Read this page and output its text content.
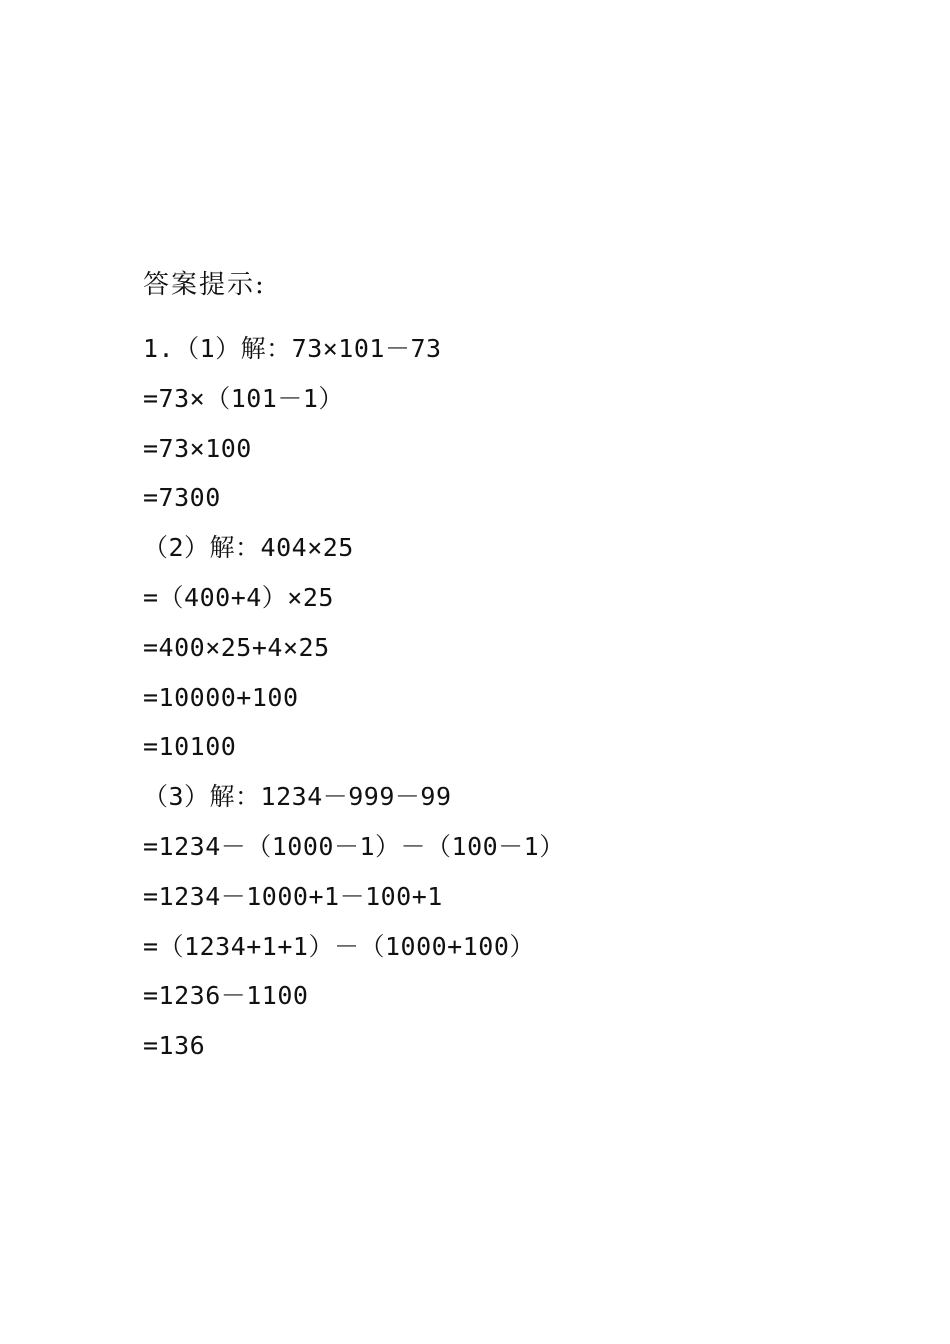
答案提示:
1.（1）解：73×101－73
=73×（101－1）
=73×100
=7300
（2）解：404×25
=（400+4）×25
=400×25+4×25
=10000+100
=10100
（3）解：1234－999－99
=1234－（1000－1）－（100－1）
=1234－1000+1－100+1
=（1234+1+1）－（1000+100）
=1236－1100
=136
